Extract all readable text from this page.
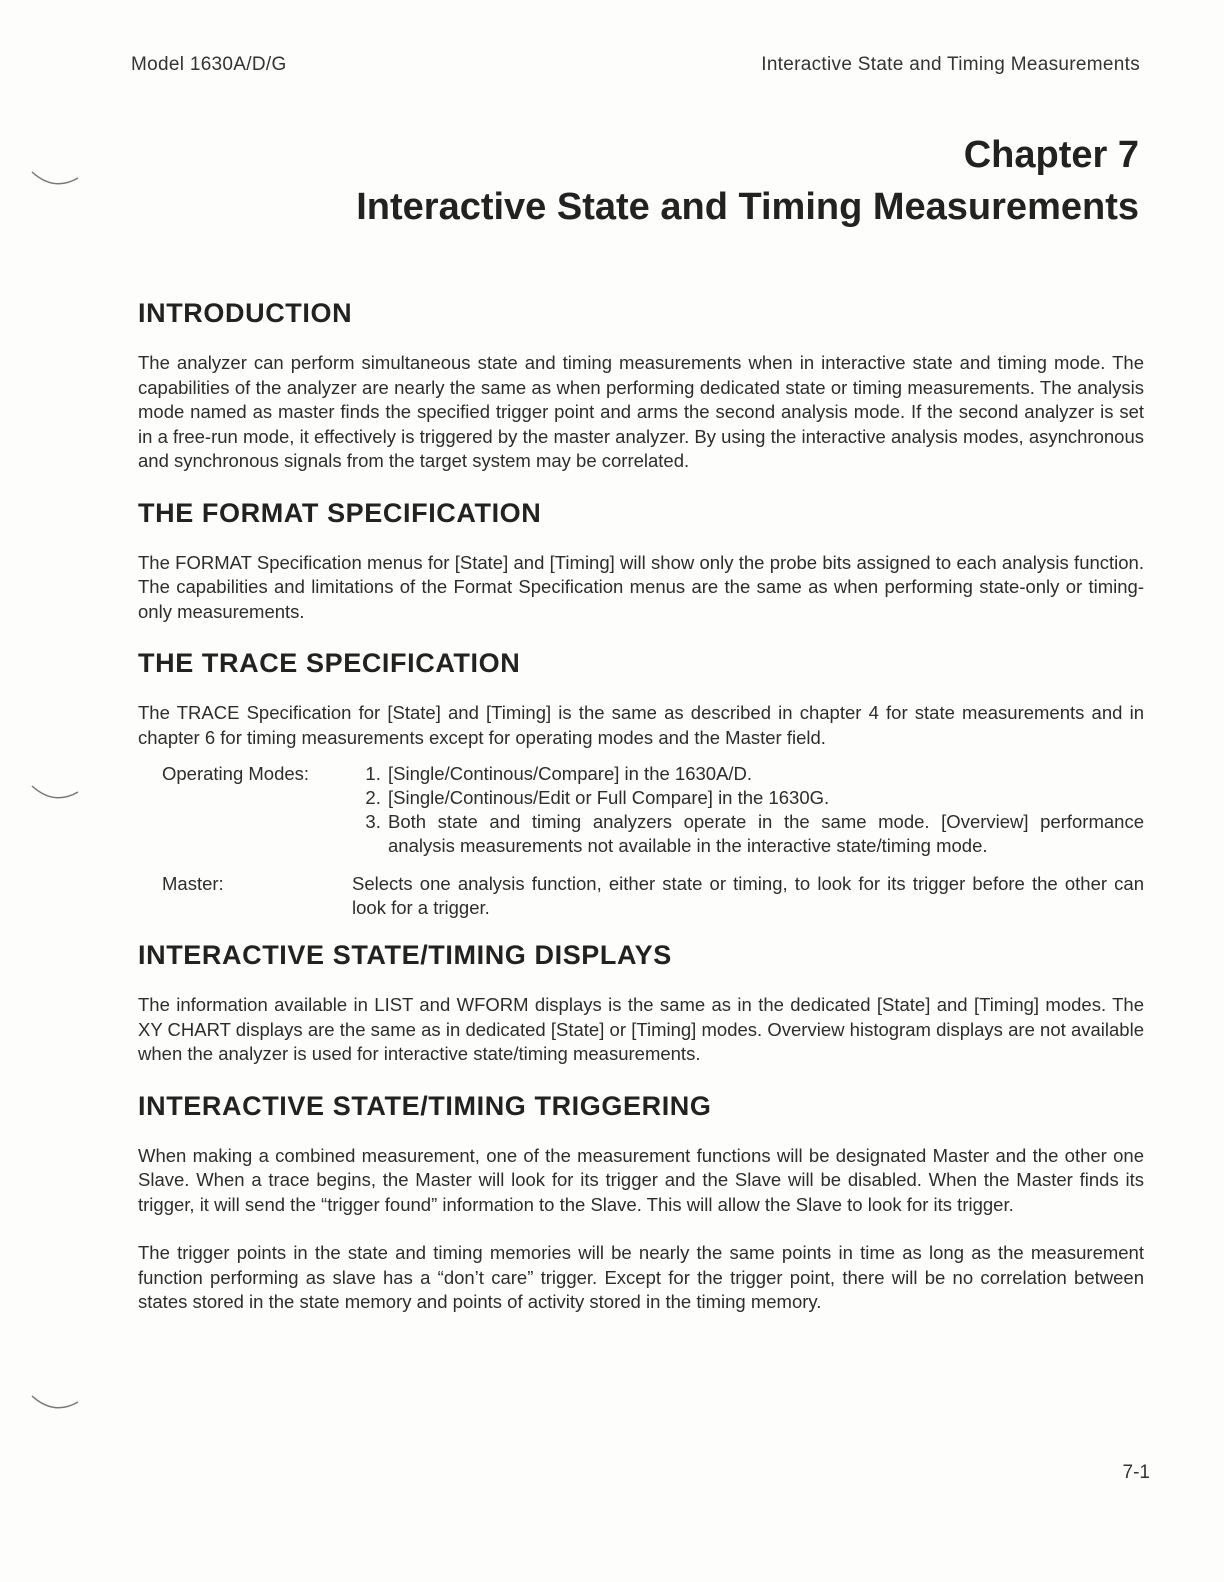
Model 1630A/D/G	Interactive State and Timing Measurements
Chapter 7
Interactive State and Timing Measurements
INTRODUCTION

The analyzer can perform simultaneous state and timing measurements when in interactive state and timing mode. The capabilities of the analyzer are nearly the same as when performing dedicated state or timing measurements. The analysis mode named as master finds the specified trigger point and arms the second analysis mode. If the second analyzer is set in a free-run mode, it effectively is triggered by the master analyzer. By using the interactive analysis modes, asynchronous and synchronous signals from the target system may be correlated.

THE FORMAT SPECIFICATION

The FORMAT Specification menus for [State] and [Timing] will show only the probe bits assigned to each analysis function. The capabilities and limitations of the Format Specification menus are the same as when performing state-only or timing-only measurements.

THE TRACE SPECIFICATION

The TRACE Specification for [State] and [Timing] is the same as described in chapter 4 for state measurements and in chapter 6 for timing measurements except for operating modes and the Master field.

Operating Modes:
1.	[Single/Continous/Compare] in the 1630A/D.
2. [Single/Continous/Edit or Full Compare] in the 1630G.
3. Both state and timing analyzers operate in the same mode. [Overview] performance analysis measurements not available in the interactive state/timing mode.
Master:	Selects one analysis function, either state or timing, to look for its trigger before the other can look for a trigger.
INTERACTIVE STATE/TIMING DISPLAYS

The information available in LIST and WFORM displays is the same as in the dedicated [State] and [Timing] modes. The XY CHART displays are the same as in dedicated [State] or [Timing] modes. Overview histogram displays are not available when the analyzer is used for interactive state/timing measurements.

INTERACTIVE STATE/TIMING TRIGGERING

When making a combined measurement, one of the measurement functions will be designated Master and the other one Slave. When a trace begins, the Master will look for its trigger and the Slave will be disabled. When the Master finds its trigger, it will send the “trigger found” information to the Slave. This will allow the Slave to look for its trigger.

The trigger points in the state and timing memories will be nearly the same points in time as long as the measurement function performing as slave has a “don’t care” trigger. Except for the trigger point, there will be no correlation between states stored in the state memory and points of activity stored in the timing memory.

7-1
